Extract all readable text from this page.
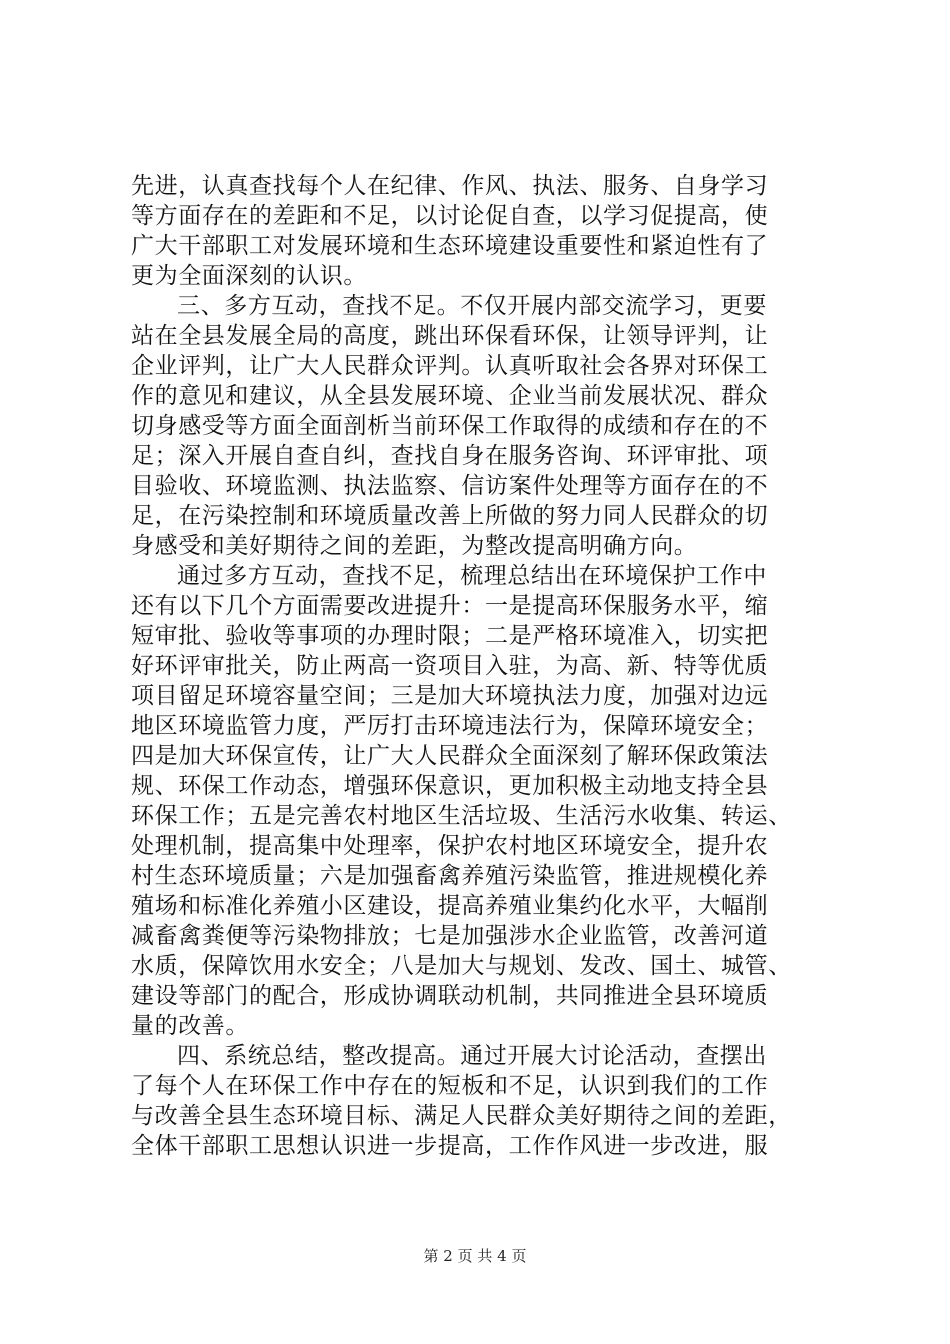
先进，认真查找每个人在纪律、作风、执法、服务、自身学习
等方面存在的差距和不足，以讨论促自查，以学习促提高，使
广大干部职工对发展环境和生态环境建设重要性和紧迫性有了
更为全面深刻的认识。
三、多方互动，查找不足。不仅开展内部交流学习，更要
站在全县发展全局的高度，跳出环保看环保，让领导评判，让
企业评判，让广大人民群众评判。认真听取社会各界对环保工
作的意见和建议，从全县发展环境、企业当前发展状况、群众
切身感受等方面全面剖析当前环保工作取得的成绩和存在的不
足；深入开展自查自纠，查找自身在服务咨询、环评审批、项
目验收、环境监测、执法监察、信访案件处理等方面存在的不
足，在污染控制和环境质量改善上所做的努力同人民群众的切
身感受和美好期待之间的差距，为整改提高明确方向。
通过多方互动，查找不足，梳理总结出在环境保护工作中
还有以下几个方面需要改进提升：一是提高环保服务水平，缩
短审批、验收等事项的办理时限；二是严格环境准入，切实把
好环评审批关，防止两高一资项目入驻，为高、新、特等优质
项目留足环境容量空间；三是加大环境执法力度，加强对边远
地区环境监管力度，严厉打击环境违法行为，保障环境安全；
四是加大环保宣传，让广大人民群众全面深刻了解环保政策法
规、环保工作动态，增强环保意识，更加积极主动地支持全县
环保工作；五是完善农村地区生活垃圾、生活污水收集、转运、
处理机制，提高集中处理率，保护农村地区环境安全，提升农
村生态环境质量；六是加强畜禽养殖污染监管，推进规模化养
殖场和标准化养殖小区建设，提高养殖业集约化水平，大幅削
减畜禽粪便等污染物排放；七是加强涉水企业监管，改善河道
水质，保障饮用水安全；八是加大与规划、发改、国土、城管、
建设等部门的配合，形成协调联动机制，共同推进全县环境质
量的改善。
四、系统总结，整改提高。通过开展大讨论活动，查摆出
了每个人在环保工作中存在的短板和不足，认识到我们的工作
与改善全县生态环境目标、满足人民群众美好期待之间的差距，
全体干部职工思想认识进一步提高，工作作风进一步改进，服
第 2 页 共 4 页
